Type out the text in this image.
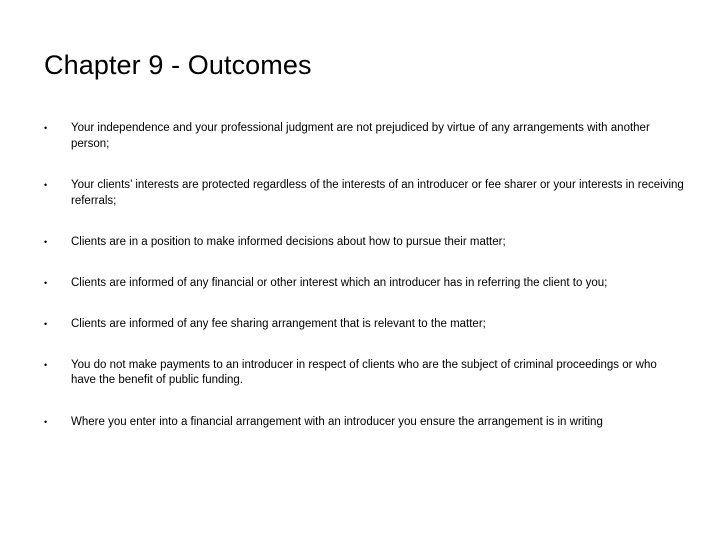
Chapter 9 - Outcomes
•	Your independence and your professional judgment are not prejudiced by virtue of any arrangements with another person;
•	Your clients’ interests are protected regardless of the interests of an introducer or fee sharer or your interests in receiving referrals;
•	Clients are in a position to make informed decisions about how to pursue their matter;
•	Clients are informed of any financial or other interest which an introducer has in referring the client to you;
•	Clients are informed of any fee sharing arrangement that is relevant to the matter;
•	You do not make payments to an introducer in respect of clients who are the subject of criminal proceedings or who have the benefit of public funding.
•	Where you enter into a financial arrangement with an introducer you ensure the arrangement is in writing
